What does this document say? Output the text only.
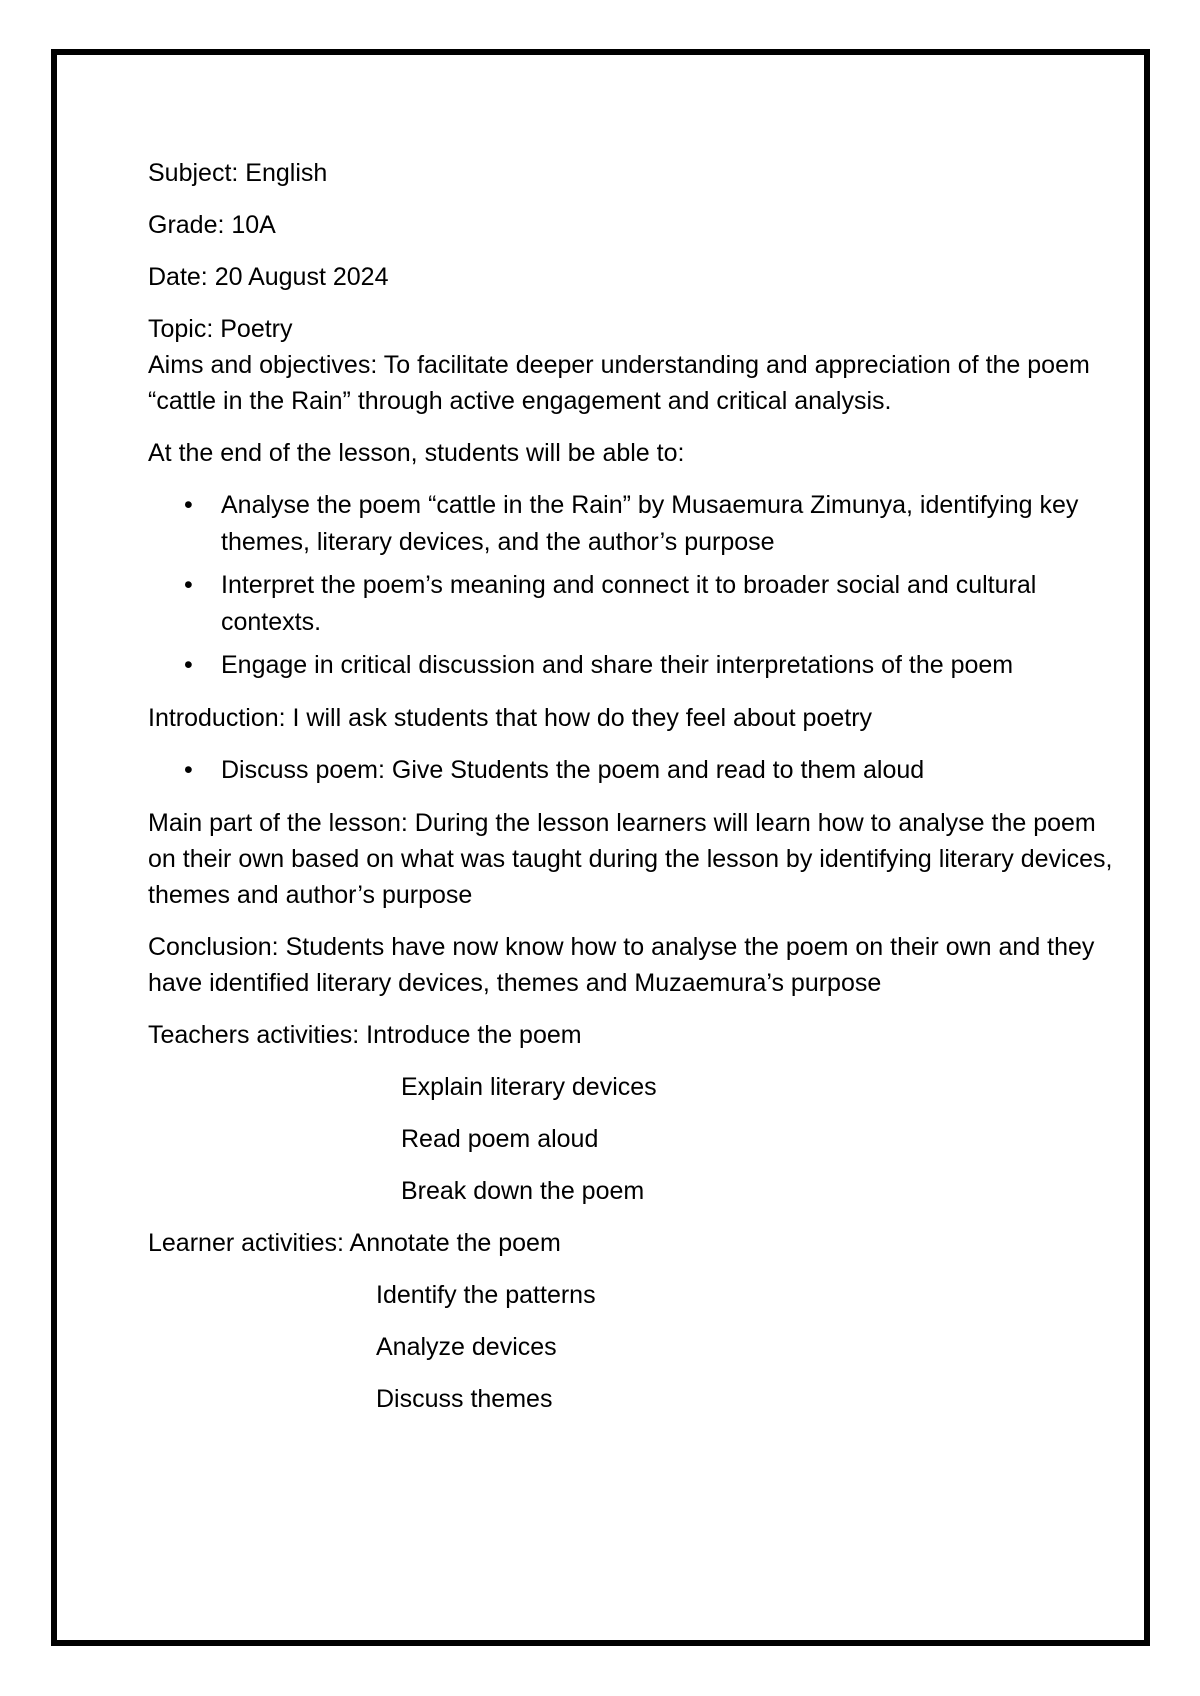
Subject: English

Grade: 10A

Date: 20 August 2024

Topic: Poetry

Aims and objectives: To facilitate deeper understanding and appreciation of the poem “cattle in the Rain” through active engagement and critical analysis.

At the end of the lesson, students will be able to:

• Analyse the poem “cattle in the Rain” by Musaemura Zimunya, identifying key themes, literary devices, and the author’s purpose
• Interpret the poem’s meaning and connect it to broader social and cultural contexts.
• Engage in critical discussion and share their interpretations of the poem

Introduction: I will ask students that how do they feel about poetry

• Discuss poem: Give Students the poem and read to them aloud

Main part of the lesson: During the lesson learners will learn how to analyse the poem on their own based on what was taught during the lesson by identifying literary devices, themes and author’s purpose

Conclusion: Students have now know how to analyse the poem on their own and they have identified literary devices, themes and Muzaemura’s purpose

Teachers activities: Introduce the poem

Explain literary devices

Read poem aloud

Break down the poem

Learner activities: Annotate the poem

Identify the patterns

Analyze devices

Discuss themes
